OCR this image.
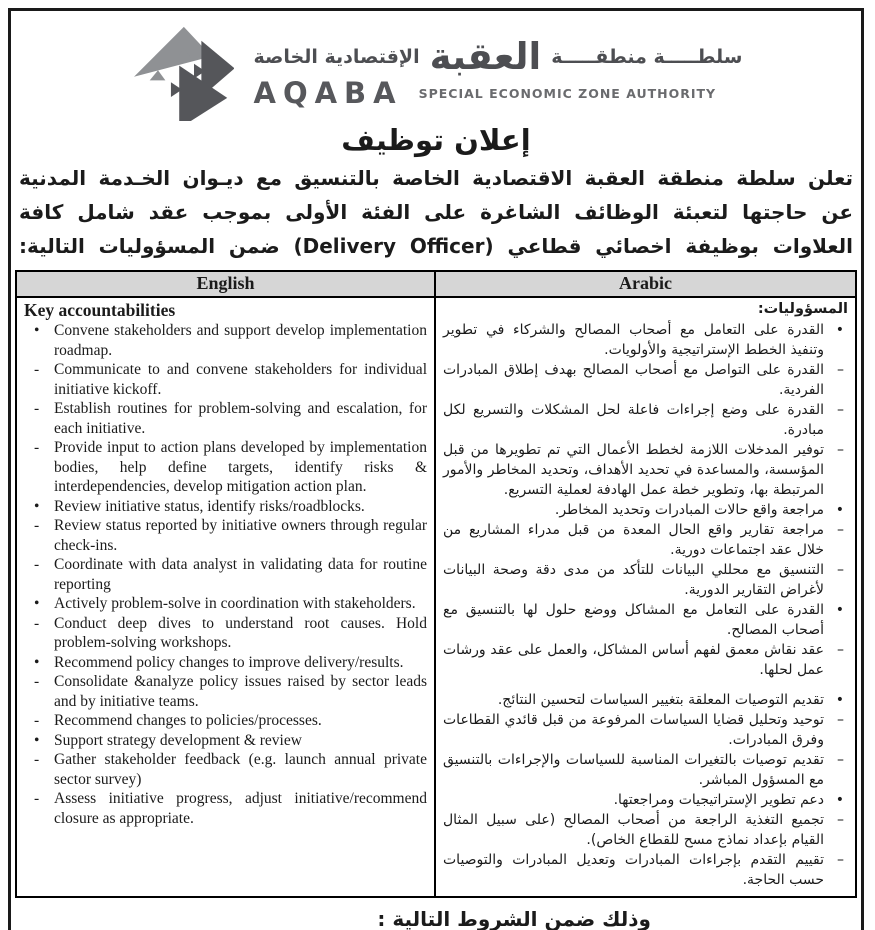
سلطـــــة منطقـــــة
العقبة
الإقتصادية الخاصة
AQABA SPECIAL ECONOMIC ZONE AUTHORITY
إعلان توظيف
تعلن سلطة منطقة العقبة الاقتصادية الخاصة بالتنسيق مع ديـوان الخـدمة المدنية
عن حاجتها لتعبئة الوظائف الشاغرة على الفئة الأولى بموجب عقد شامل كافة
العلاوات بوظيفة اخصائي قطاعي (Delivery Officer) ضمن المسؤوليات التالية:
English	Arabic
Key accountabilities
• Convene stakeholders and support develop implementation roadmap.
- Communicate to and convene stakeholders for individual initiative kickoff.
- Establish routines for problem-solving and escalation, for each initiative.
- Provide input to action plans developed by implementation bodies, help define targets, identify risks & interdependencies, develop mitigation action plan.
• Review initiative status, identify risks/roadblocks.
- Review status reported by initiative owners through regular check-ins.
- Coordinate with data analyst in validating data for routine reporting
• Actively problem-solve in coordination with stakeholders.
- Conduct deep dives to understand root causes. Hold problem-solving workshops.
• Recommend policy changes to improve delivery/results.
- Consolidate &analyze policy issues raised by sector leads and by initiative teams.
- Recommend changes to policies/processes.
• Support strategy development & review
- Gather stakeholder feedback (e.g. launch annual private sector survey)
- Assess initiative progress, adjust initiative/recommend closure as appropriate.
المسؤوليات:
•
القدرة على التعامل مع أصحاب المصالح والشركاء في تطوير وتنفيذ الخطط الإستراتيجية والأولويات.
–
القدرة على التواصل مع أصحاب المصالح بهدف إطلاق المبادرات الفردية.
–
القدرة على وضع إجراءات فاعلة لحل المشكلات والتسريع لكل مبادرة.
–
توفير المدخلات اللازمة لخطط الأعمال التي تم تطويرها من قبل المؤسسة، والمساعدة في تحديد الأهداف، وتحديد المخاطر والأمور المرتبطة بها، وتطوير خطة عمل الهادفة لعملية التسريع.
•
مراجعة واقع حالات المبادرات وتحديد المخاطر.
–
مراجعة تقارير واقع الحال المعدة من قبل مدراء المشاريع من خلال عقد اجتماعات دورية.
–
التنسيق مع محللي البيانات للتأكد من مدى دقة وصحة البيانات لأغراض التقارير الدورية.
•
القدرة على التعامل مع المشاكل ووضع حلول لها بالتنسيق مع أصحاب المصالح.
–
عقد نقاش معمق لفهم أساس المشاكل، والعمل على عقد ورشات عمل لحلها.
•
تقديم التوصيات المعلقة بتغيير السياسات لتحسين النتائج.
–
توحيد وتحليل قضايا السياسات المرفوعة من قبل قائدي القطاعات وفرق المبادرات.
–
تقديم توصيات بالتغيرات المناسبة للسياسات والإجراءات بالتنسيق مع المسؤول المباشر.
•
دعم تطوير الإستراتيجيات ومراجعتها.
–
تجميع التغذية الراجعة من أصحاب المصالح (على سبيل المثال القيام بإعداد نماذج مسح للقطاع الخاص).
–
تقييم التقدم بإجراءات المبادرات وتعديل المبادرات والتوصيات حسب الحاجة.
وذلك ضمن الشروط التالية :
